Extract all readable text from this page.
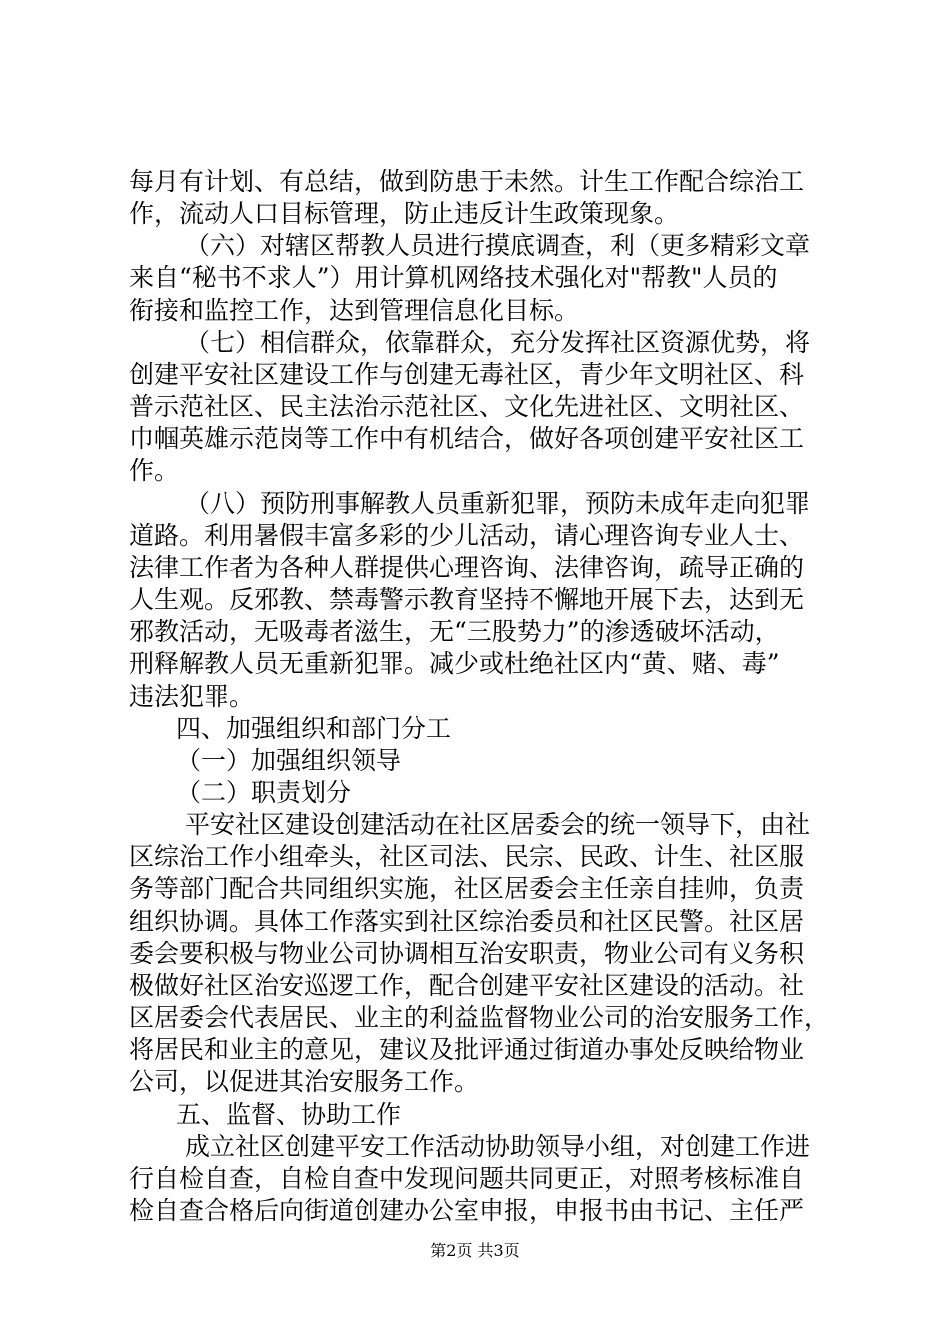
每月有计划、有总结，做到防患于未然。计生工作配合综治工
作，流动人口目标管理，防止违反计生政策现象。
（六）对辖区帮教人员进行摸底调查，利（更多精彩文章
来自“秘书不求人”）用计算机网络技术强化对"帮教"人员的
衔接和监控工作，达到管理信息化目标。
（七）相信群众，依靠群众，充分发挥社区资源优势，将
创建平安社区建设工作与创建无毒社区，青少年文明社区、科
普示范社区、民主法治示范社区、文化先进社区、文明社区、
巾帼英雄示范岗等工作中有机结合，做好各项创建平安社区工
作。
（八）预防刑事解教人员重新犯罪，预防未成年走向犯罪
道路。利用暑假丰富多彩的少儿活动，请心理咨询专业人士、
法律工作者为各种人群提供心理咨询、法律咨询，疏导正确的
人生观。反邪教、禁毒警示教育坚持不懈地开展下去，达到无
邪教活动，无吸毒者滋生，无“三股势力”的渗透破坏活动，
刑释解教人员无重新犯罪。减少或杜绝社区内“黄、赌、毒”
违法犯罪。
四、加强组织和部门分工
（一）加强组织领导
（二）职责划分
平安社区建设创建活动在社区居委会的统一领导下，由社
区综治工作小组牵头，社区司法、民宗、民政、计生、社区服
务等部门配合共同组织实施，社区居委会主任亲自挂帅，负责
组织协调。具体工作落实到社区综治委员和社区民警。社区居
委会要积极与物业公司协调相互治安职责，物业公司有义务积
极做好社区治安巡逻工作，配合创建平安社区建设的活动。社
区居委会代表居民、业主的利益监督物业公司的治安服务工作，
将居民和业主的意见，建议及批评通过街道办事处反映给物业
公司，以促进其治安服务工作。
五、监督、协助工作
成立社区创建平安工作活动协助领导小组，对创建工作进
行自检自查，自检自查中发现问题共同更正，对照考核标准自
检自查合格后向街道创建办公室申报，申报书由书记、主任严
第2页 共3页
